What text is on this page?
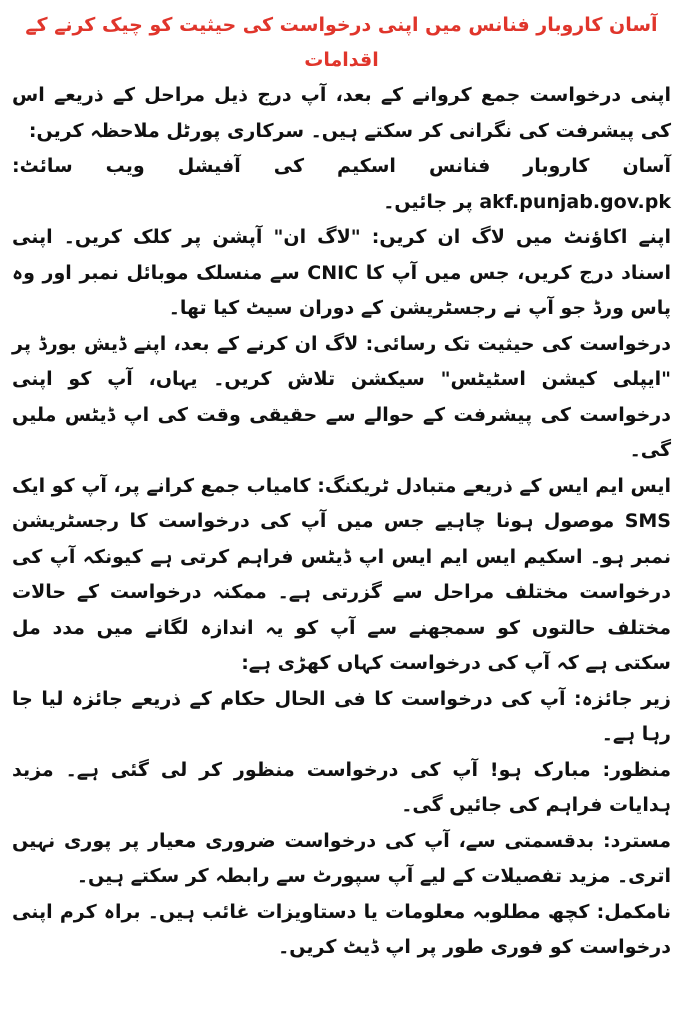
آسان کاروبار فنانس میں اپنی درخواست کی حیثیت کو چیک کرنے کے اقدامات

اپنی درخواست جمع کروانے کے بعد، آپ درج ذیل مراحل کے ذریعے اس کی پیشرفت کی نگرانی کر سکتے ہیں۔ سرکاری پورٹل ملاحظہ کریں:

آسان کاروبار فنانس اسکیم کی آفیشل ویب سائٹ: akf.punjab.gov.pk پر جائیں۔

اپنے اکاؤنٹ میں لاگ ان کریں: "لاگ ان" آپشن پر کلک کریں۔ اپنی اسناد درج کریں، جس میں آپ کا CNIC سے منسلک موبائل نمبر اور وہ پاس ورڈ جو آپ نے رجسٹریشن کے دوران سیٹ کیا تھا۔

درخواست کی حیثیت تک رسائی: لاگ ان کرنے کے بعد، اپنے ڈیش بورڈ پر "ایپلی کیشن اسٹیٹس" سیکشن تلاش کریں۔ یہاں، آپ کو اپنی درخواست کی پیشرفت کے حوالے سے حقیقی وقت کی اپ ڈیٹس ملیں گی۔

ایس ایم ایس کے ذریعے متبادل ٹریکنگ: کامیاب جمع کرانے پر، آپ کو ایک SMS موصول ہونا چاہیے جس میں آپ کی درخواست کا رجسٹریشن نمبر ہو۔ اسکیم ایس ایم ایس اپ ڈیٹس فراہم کرتی ہے کیونکہ آپ کی درخواست مختلف مراحل سے گزرتی ہے۔ ممکنہ درخواست کے حالات مختلف حالتوں کو سمجھنے سے آپ کو یہ اندازہ لگانے میں مدد مل سکتی ہے کہ آپ کی درخواست کہاں کھڑی ہے:

زیر جائزہ: آپ کی درخواست کا فی الحال حکام کے ذریعے جائزہ لیا جا رہا ہے۔

منظور: مبارک ہو! آپ کی درخواست منظور کر لی گئی ہے۔ مزید ہدایات فراہم کی جائیں گی۔

مسترد: بدقسمتی سے، آپ کی درخواست ضروری معیار پر پوری نہیں اتری۔ مزید تفصیلات کے لیے آپ سپورٹ سے رابطہ کر سکتے ہیں۔

نامکمل: کچھ مطلوبہ معلومات یا دستاویزات غائب ہیں۔ براہ کرم اپنی درخواست کو فوری طور پر اپ ڈیٹ کریں۔
